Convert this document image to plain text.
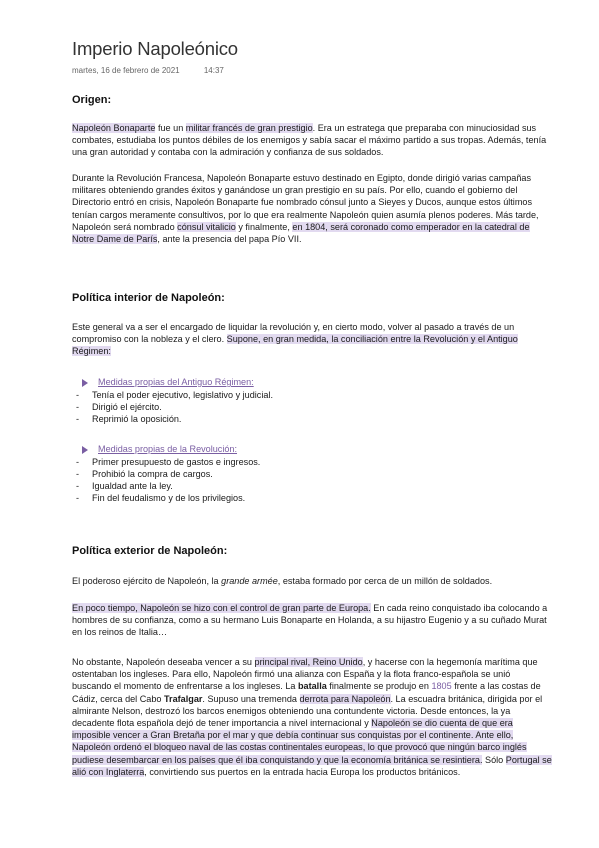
Imperio Napoleónico
martes, 16 de febrero de 2021	14:37
Origen:
Napoleón Bonaparte fue un militar francés de gran prestigio. Era un estratega que preparaba con minuciosidad sus combates, estudiaba los puntos débiles de los enemigos y sabía sacar el máximo partido a sus tropas. Además, tenía una gran autoridad y contaba con la admiración y confianza de sus soldados.
Durante la Revolución Francesa, Napoleón Bonaparte estuvo destinado en Egipto, donde dirigió varias campañas militares obteniendo grandes éxitos y ganándose un gran prestigio en su país. Por ello, cuando el gobierno del Directorio entró en crisis, Napoleón Bonaparte fue nombrado cónsul junto a Sieyes y Ducos, aunque estos últimos tenían cargos meramente consultivos, por lo que era realmente Napoleón quien asumía plenos poderes. Más tarde, Napoleón será nombrado cónsul vitalicio y finalmente, en 1804, será coronado como emperador en la catedral de Notre Dame de París, ante la presencia del papa Pío VII.
Política interior de Napoleón:
Este general va a ser el encargado de liquidar la revolución y, en cierto modo, volver al pasado a través de un compromiso con la nobleza y el clero. Supone, en gran medida, la conciliación entre la Revolución y el Antiguo Régimen:
Medidas propias del Antiguo Régimen:
- Tenía el poder ejecutivo, legislativo y judicial.
- Dirigió el ejército.
- Reprimió la oposición.
Medidas propias de la Revolución:
- Primer presupuesto de gastos e ingresos.
- Prohibió la compra de cargos.
- Igualdad ante la ley.
- Fin del feudalismo y de los privilegios.
Política exterior de Napoleón:
El poderoso ejército de Napoleón, la grande armée, estaba formado por cerca de un millón de soldados.
En poco tiempo, Napoleón se hizo con el control de gran parte de Europa. En cada reino conquistado iba colocando a hombres de su confianza, como a su hermano Luis Bonaparte en Holanda, a su hijastro Eugenio y a su cuñado Murat en los reinos de Italia…
No obstante, Napoleón deseaba vencer a su principal rival, Reino Unido, y hacerse con la hegemonía marítima que ostentaban los ingleses. Para ello, Napoleón firmó una alianza con España y la flota franco-española se unió buscando el momento de enfrentarse a los ingleses. La batalla finalmente se produjo en 1805 frente a las costas de Cádiz, cerca del Cabo Trafalgar. Supuso una tremenda derrota para Napoleón. La escuadra británica, dirigida por el almirante Nelson, destrozó los barcos enemigos obteniendo una contundente victoria. Desde entonces, la ya decadente flota española dejó de tener importancia a nivel internacional y Napoleón se dio cuenta de que era imposible vencer a Gran Bretaña por el mar y que debía continuar sus conquistas por el continente. Ante ello, Napoleón ordenó el bloqueo naval de las costas continentales europeas, lo que provocó que ningún barco inglés pudiese desembarcar en los países que él iba conquistando y que la economía británica se resintiera. Sólo Portugal se alió con Inglaterra, convirtiendo sus puertos en la entrada hacia Europa los productos británicos.
